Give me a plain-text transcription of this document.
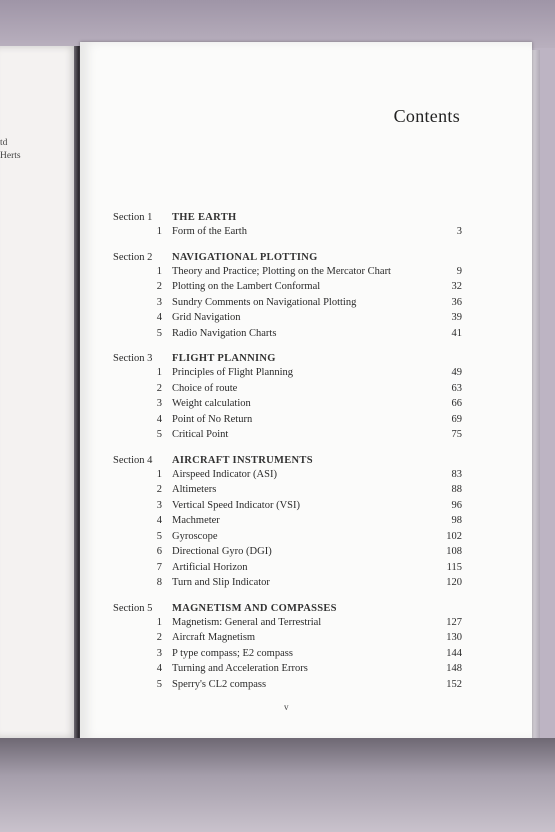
td
Herts
Contents
Section 1 THE EARTH
1 Form of the Earth	3
Section 2 NAVIGATIONAL PLOTTING
1 Theory and Practice; Plotting on the Mercator Chart	9
2 Plotting on the Lambert Conformal	32
3 Sundry Comments on Navigational Plotting	36
4 Grid Navigation	39
5 Radio Navigation Charts	41
Section 3 FLIGHT PLANNING
1 Principles of Flight Planning	49
2 Choice of route	63
3 Weight calculation	66
4 Point of No Return	69
5 Critical Point	75
Section 4 AIRCRAFT INSTRUMENTS
1 Airspeed Indicator (ASI)	83
2 Altimeters	88
3 Vertical Speed Indicator (VSI)	96
4 Machmeter	98
5 Gyroscope	102
6 Directional Gyro (DGI)	108
7 Artificial Horizon	115
8 Turn and Slip Indicator	120
Section 5 MAGNETISM AND COMPASSES
1 Magnetism: General and Terrestrial	127
2 Aircraft Magnetism	130
3 P type compass; E2 compass	144
4 Turning and Acceleration Errors	148
5 Sperry's CL2 compass	152
v
